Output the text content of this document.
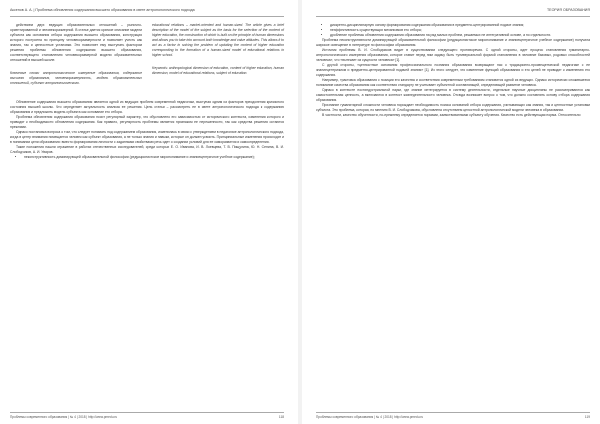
Аксенов А. А. | Проблема обновления содержания высшего образования в свете антропологического подхода

действием двух ведущих образовательных отношений – рыночно-ориентированной и человекоразмерной. В статье дается краткое описание модели субъекта как основания отбора содержания высшего образования, конструкция которого построена по принципу человекоразмерности и позволяет учесть как знания, так и ценностные установки. Это позволяет ему выступать фактором решения проблемы обновления содержания высшего образования, соответствующего становлению человекоразмерной модели образовательных отношений в высшей школе.

Ключевые слова: антропологическое измерение образования, содержание высшего образования, человекоразмерность, модель образовательных отношений, субъект антропологического.

educational relations – market-oriented and human-sized. The article gives a brief description of the model of the subject as the basis for the selection of the content of higher education, the construction of which is built on the principle of human dimensions and allows you to take into account both knowledge and value attitudes. This allows it to act as a factor in solving the problem of updating the content of higher education corresponding to the formation of a human-sized model of educational relations in higher school.

Keywords: anthropological dimension of education, content of higher education, human dimension, model of educational relations, subject of education.

Обновление содержания высшего образования является одной из ведущих проблем современной педагогики, выступая одним из факторов преодоления кризисного состояния высшей школы. Что определяет актуальность анализа ее решения. Цель статьи – рассмотреть ее в свете антропологического подхода к содержанию образования и предложить модель субъекта как основание его отбора.

Проблема обновления содержания образования носит регулярный характер, что обусловлено его зависимостью от исторического контекста, изменения которого и приводят к необходимости обновления содержания. Как правило, регулярность проблемы является признаком ее нерешенности, так как средства решения остаются прежними.

Однако постановка вопроса о том, что следует понимать под содержанием образования, изменилась в связи с утверждением в педагогике антропологического подхода, когда в центр внимания помещается человек как субъект образования, а не только знания и навыки, которые он должен усвоить. Принципиальные изменения происходят и в понимании цели образования: вместо формирования личности с заданными свойствами речь идет о создании условий для ее саморазвития и самоопределения.

Такие положения нашли отражение в работах отечественных исследователей, среди которых Е. О. Иванова, И. В. Лоевцева, Т. В. Пищулина, Ю. Н. Сенина, В. И. Слободчиков, А. И. Уваров.

• неконструктивность доминирующей образовательной философии (редукционистское миропонимание и знаниецентричное учебное содержание);
Проблемы современного образования | № 4 | 2018 | http://www.pmedu.ru	118
ТЕОРИЯ ОБРАЗОВАНИЯ
• дискретно-дисциплинарную основу формирования содержания образования в предметно-центрированной подаче знания;
• неэффективность существующих механизмов его отбора;
• дробление проблемы обновления содержания образования на ряд малых проблем, решаемых не интегративной основе, а по отдельности.

Проблема неконструктивности доминирующей образовательной философии (редукционистское миропонимание и знаниецентричное учебное содержание) получила широкое освещение в литературе по философии образования.

Источник проблемы В. И. Слободчиков видит в существовании следующего противоречия. С одной стороны, идет процесс становления гуманитарно-антропологического измерения образования, которое ставит перед ним задачу быть «универсальной формой становления в человеке базовых, родовых способностей человека», что «вытекает из сущности человека» [1].

С другой стороны, «ценностные основания профессионального познания образования возвращают нас к традиционно-просвещенческой педагогике с ее знаниецентризмом и предметно-центрированной подачей знания» [1]. Из этого следует, что изменение функций образования и его целей не приводит к изменению его содержания.

Например, трактовка образования с позиции его качества и соответствия современным требованиям становится одной из ведущих. Однако исторически сложившееся понимание качества образования как соответствия стандарту не учитывает субъектной составляющей, определяющей развитие человека.

Однако в контексте постиндустриальной науки, где знание интегрируется в систему деятельности, отдельные научные дисциплины не рассматриваются как самостоятельная ценность, а включаются в контекст жизнедеятельности человека. Отсюда возникает вопрос о том, что должно составлять основу отбора содержания образования.

Признание гуманитарной сложности человека порождает необходимость поиска оснований отбора содержания, учитывающих как знания, так и ценностные установки субъекта. Это проблема, которая, по мнению В. И. Слободчикова, обусловлена отсутствием целостной антропологической модели человека в образовании.

В частности, качество обученности, по-прежнему определяется нормами, заимствованными субъекту обучения. Качество есть действующая норма. Относительно

Проблемы современного образования | № 4 | 2018 | http://www.pmedu.ru	119
